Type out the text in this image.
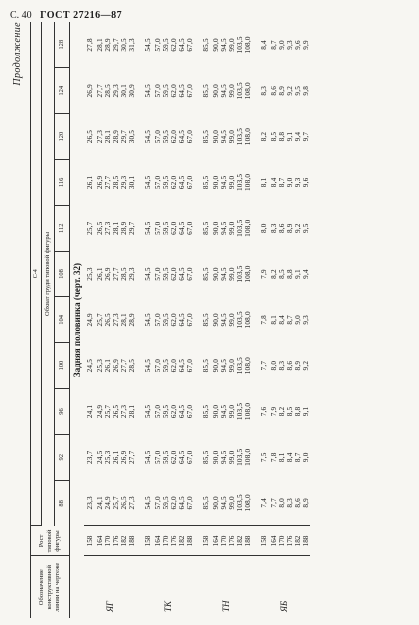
С. 40 ГОСТ 27216—87
Продолжение
Обозначение конструктивной линии на чертеже	Рост типовой фигуры	С-4										
		Обхват груди типовой фигуры										
		88	92	96	100	104	108	112	116	120	124	128
Задняя половинка (черт. 32)												
ЯГ	158	23,3	23,7	24,1	24,5	24,9	25,3	25,7	26,1	26,5	26,9	27,8
	164	24,1	24,5	24,9	25,3	25,7	26,1	26,5	26,9	27,3	27,7	28,1
	170	24,9	25,3	25,7	26,1	26,5	26,9	27,3	27,7	28,1	28,5	28,9
	176	25,7	26,1	26,5	26,9	27,3	27,7	28,1	28,5	28,9	29,3	29,7
	182	26,5	26,9	27,3	27,7	28,1	28,5	28,9	29,3	29,7	30,1	30,5
	188	27,3	27,7	28,1	28,5	28,9	29,3	29,7	30,1	30,5	30,9	31,3

ТК	158	54,5	54,5	54,5	54,5	54,5	54,5	54,5	54,5	54,5	54,5	54,5
	164	57,0	57,0	57,0	57,0	57,0	57,0	57,0	57,0	57,0	57,0	57,0
	170	59,5	59,5	59,5	59,5	59,5	59,5	59,5	59,5	59,5	59,5	59,5
	176	62,0	62,0	62,0	62,0	62,0	62,0	62,0	62,0	62,0	62,0	62,0
	182	64,5	64,5	64,5	64,5	64,5	64,5	64,5	64,5	64,5	64,5	64,5
	188	67,0	67,0	67,0	67,0	67,0	67,0	67,0	67,0	67,0	67,0	67,0

ТН	158	85,5	85,5	85,5	85,5	85,5	85,5	85,5	85,5	85,5	85,5	85,5
	164	90,0	90,0	90,0	90,0	90,0	90,0	90,0	90,0	90,0	90,0	90,0
	170	94,5	94,5	94,5	94,5	94,5	94,5	94,5	94,5	94,5	94,5	94,5
	176	99,0	99,0	99,0	99,0	99,0	99,0	99,0	99,0	99,0	99,0	99,0
	182	103,5	103,5	103,5	103,5	103,5	103,5	103,5	103,5	103,5	103,5	103,5
	188	108,0	108,0	108,0	108,0	108,0	108,0	108,0	108,0	108,0	108,0	108,0

ЯБ	158	7,4	7,5	7,6	7,7	7,8	7,9	8,0	8,1	8,2	8,3	8,4
	164	7,7	7,8	7,9	8,0	8,1	8,2	8,3	8,4	8,5	8,6	8,7
	170	8,0	8,1	8,2	8,3	8,4	8,5	8,6	8,7	8,8	8,9	9,0
	176	8,3	8,4	8,5	8,6	8,7	8,8	8,9	9,0	9,1	9,2	9,3
	182	8,6	8,7	8,8	8,9	9,0	9,1	9,2	9,3	9,4	9,5	9,6
	188	8,9	9,0	9,1	9,2	9,3	9,4	9,5	9,6	9,7	9,8	9,9
